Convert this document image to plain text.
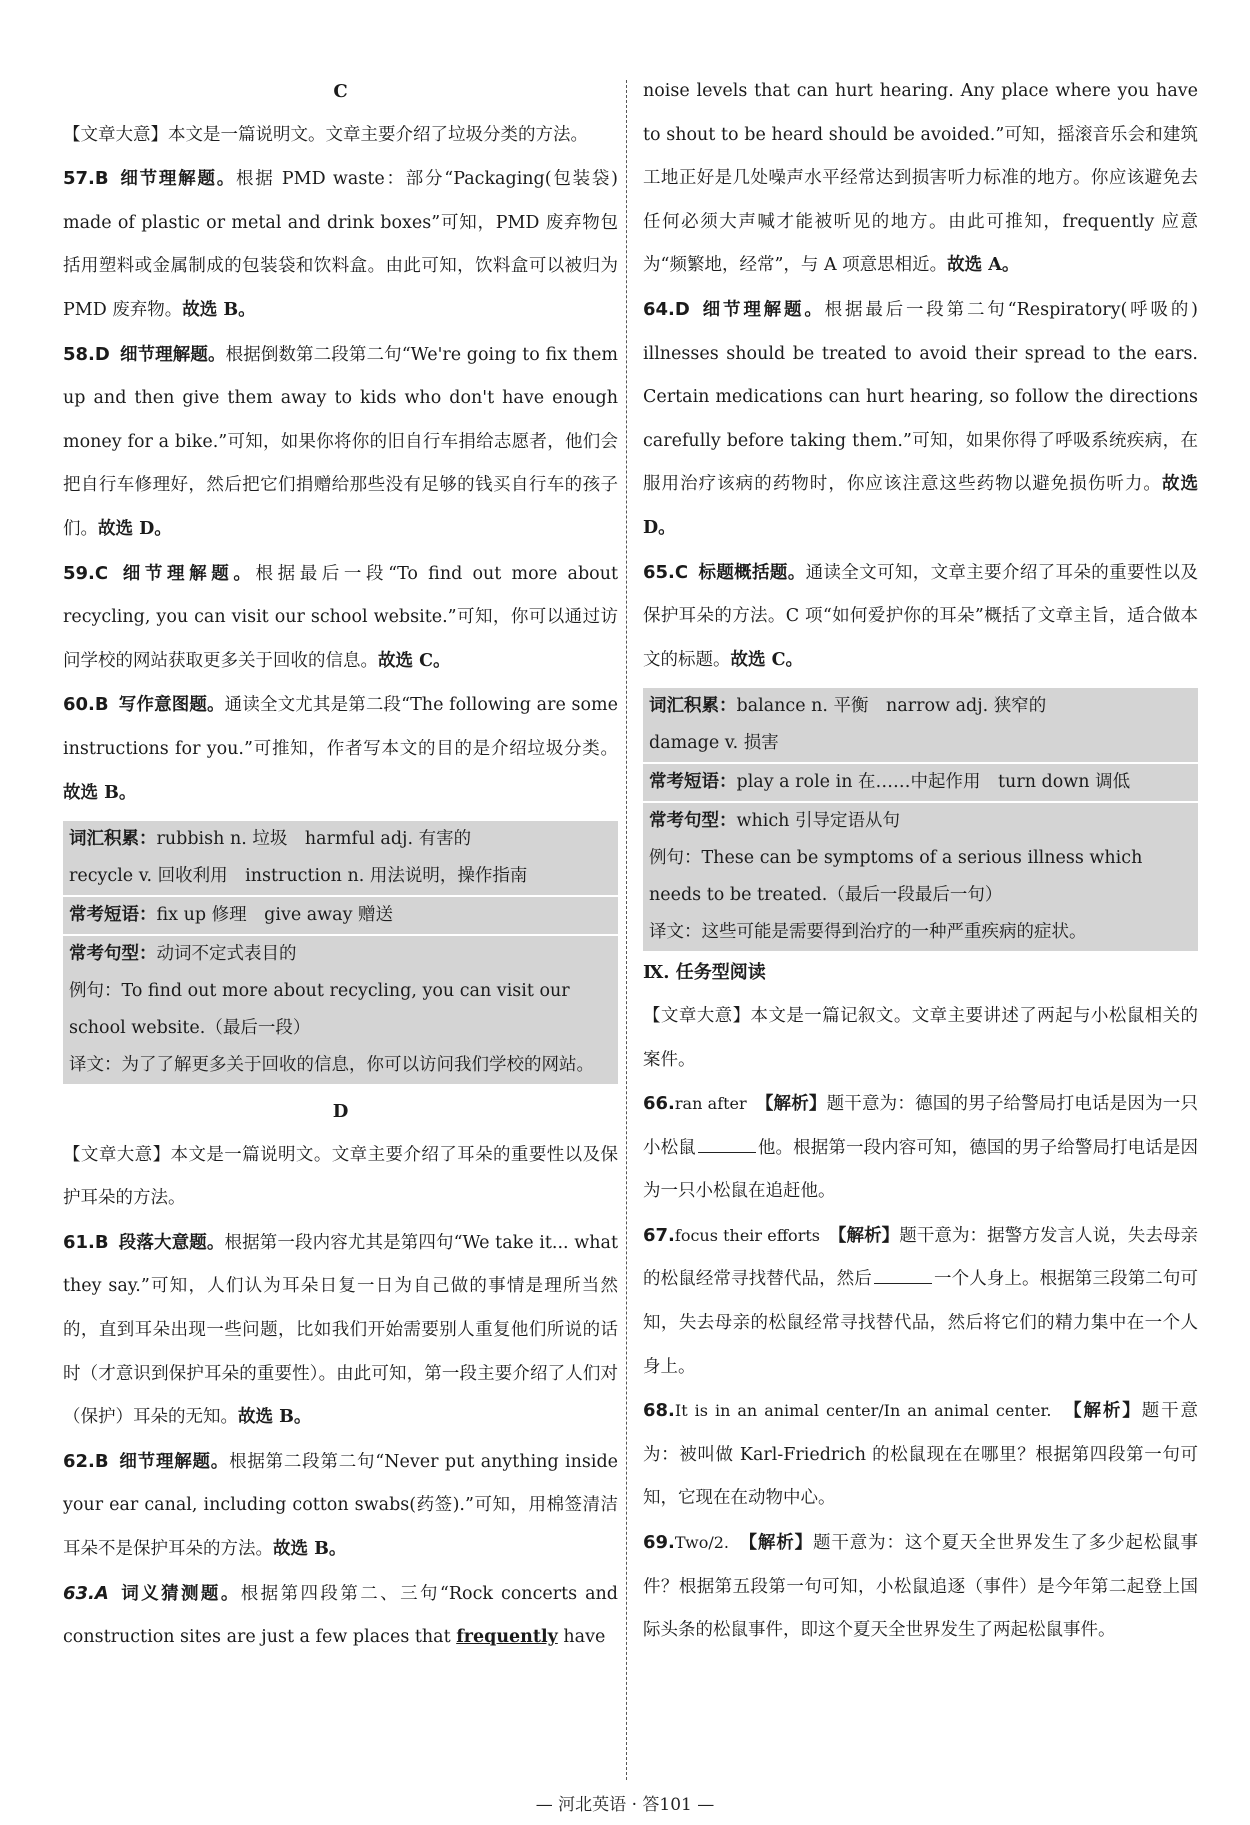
C

【文章大意】本文是一篇说明文。文章主要介绍了垃圾分类的方法。

57.B 细节理解题。根据 PMD waste：部分“Packaging(包装袋) made of plastic or metal and drink boxes”可知，PMD 废弃物包括用塑料或金属制成的包装袋和饮料盒。由此可知，饮料盒可以被归为 PMD 废弃物。故选 B。

58.D 细节理解题。根据倒数第二段第二句“We're going to fix them up and then give them away to kids who don't have enough money for a bike.”可知，如果你将你的旧自行车捐给志愿者，他们会把自行车修理好，然后把它们捐赠给那些没有足够的钱买自行车的孩子们。故选 D。

59.C 细节理解题。根据最后一段“To find out more about recycling, you can visit our school website.”可知，你可以通过访问学校的网站获取更多关于回收的信息。故选 C。

60.B 写作意图题。通读全文尤其是第二段“The following are some instructions for you.”可推知，作者写本文的目的是介绍垃圾分类。故选 B。

词汇积累：rubbish n. 垃圾　harmful adj. 有害的
recycle v. 回收利用　instruction n. 用法说明，操作指南
常考短语：fix up 修理　give away 赠送
常考句型：动词不定式表目的
例句：To find out more about recycling, you can visit our school website.（最后一段）
译文：为了了解更多关于回收的信息，你可以访问我们学校的网站。
D

【文章大意】本文是一篇说明文。文章主要介绍了耳朵的重要性以及保护耳朵的方法。

61.B 段落大意题。根据第一段内容尤其是第四句“We take it... what they say.”可知，人们认为耳朵日复一日为自己做的事情是理所当然的，直到耳朵出现一些问题，比如我们开始需要别人重复他们所说的话时（才意识到保护耳朵的重要性）。由此可知，第一段主要介绍了人们对（保护）耳朵的无知。故选 B。

62.B 细节理解题。根据第二段第二句“Never put anything inside your ear canal, including cotton swabs(药签).”可知，用棉签清洁耳朵不是保护耳朵的方法。故选 B。

63.A 词义猜测题。根据第四段第二、三句“Rock concerts and construction sites are just a few places that frequently have

noise levels that can hurt hearing. Any place where you have to shout to be heard should be avoided.”可知，摇滚音乐会和建筑工地正好是几处噪声水平经常达到损害听力标准的地方。你应该避免去任何必须大声喊才能被听见的地方。由此可推知，frequently 应意为“频繁地，经常”，与 A 项意思相近。故选 A。

64.D 细节理解题。根据最后一段第二句“Respiratory(呼吸的) illnesses should be treated to avoid their spread to the ears. Certain medications can hurt hearing, so follow the directions carefully before taking them.”可知，如果你得了呼吸系统疾病，在服用治疗该病的药物时，你应该注意这些药物以避免损伤听力。故选 D。

65.C 标题概括题。通读全文可知，文章主要介绍了耳朵的重要性以及保护耳朵的方法。C 项“如何爱护你的耳朵”概括了文章主旨，适合做本文的标题。故选 C。

词汇积累：balance n. 平衡　narrow adj. 狭窄的
damage v. 损害
常考短语：play a role in 在……中起作用　turn down 调低
常考句型：which 引导定语从句
例句：These can be symptoms of a serious illness which needs to be treated.（最后一段最后一句）
译文：这些可能是需要得到治疗的一种严重疾病的症状。
Ⅸ. 任务型阅读

【文章大意】本文是一篇记叙文。文章主要讲述了两起与小松鼠相关的案件。

66.ran after　 【解析】题干意为：德国的男子给警局打电话是因为一只小松鼠	他。根据第一段内容可知，德国的男子给警局打电话是因为一只小松鼠在追赶他。

67.focus their efforts　 【解析】题干意为：据警方发言人说，失去母亲的松鼠经常寻找替代品，然后	一个人身上。根据第三段第二句可知，失去母亲的松鼠经常寻找替代品，然后将它们的精力集中在一个人身上。

68.It is in an animal center/In an animal center.　 【解析】题干意为：被叫做 Karl-Friedrich 的松鼠现在在哪里？根据第四段第一句可知，它现在在动物中心。

69.Two/2.　 【解析】题干意为：这个夏天全世界发生了多少起松鼠事件？根据第五段第一句可知，小松鼠追逐（事件）是今年第二起登上国际头条的松鼠事件，即这个夏天全世界发生了两起松鼠事件。

— 河北英语 · 答101 —
